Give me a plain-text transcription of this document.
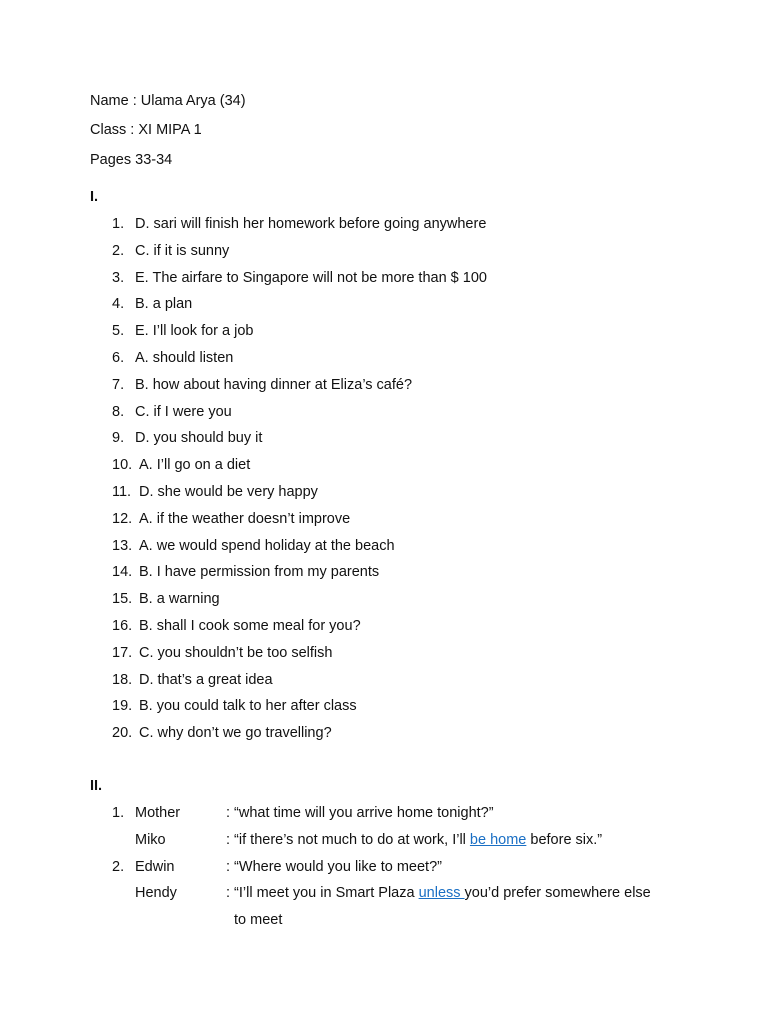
Name : Ulama Arya (34)
Class : XI MIPA 1
Pages 33-34
I.
1. D. sari will finish her homework before going anywhere
2. C. if it is sunny
3. E. The airfare to Singapore will not be more than $ 100
4. B. a plan
5. E. I’ll look for a job
6. A. should listen
7. B. how about having dinner at Eliza’s café?
8. C. if I were you
9. D. you should buy it
10. A. I’ll go on a diet
11. D. she would be very happy
12. A. if the weather doesn’t improve
13. A. we would spend holiday at the beach
14. B. I have permission from my parents
15. B. a warning
16. B. shall I cook some meal for you?
17. C. you shouldn’t be too selfish
18. D. that’s a great idea
19. B. you could talk to her after class
20. C. why don’t we go travelling?
II.
1. Mother	: “what time will you arrive home tonight?”
Miko	: “if there’s not much to do at work, I’ll be home before six.”
2. Edwin	: “Where would you like to meet?”
Hendy	: “I’ll meet you in Smart Plaza unless you’d prefer somewhere else
to meet
